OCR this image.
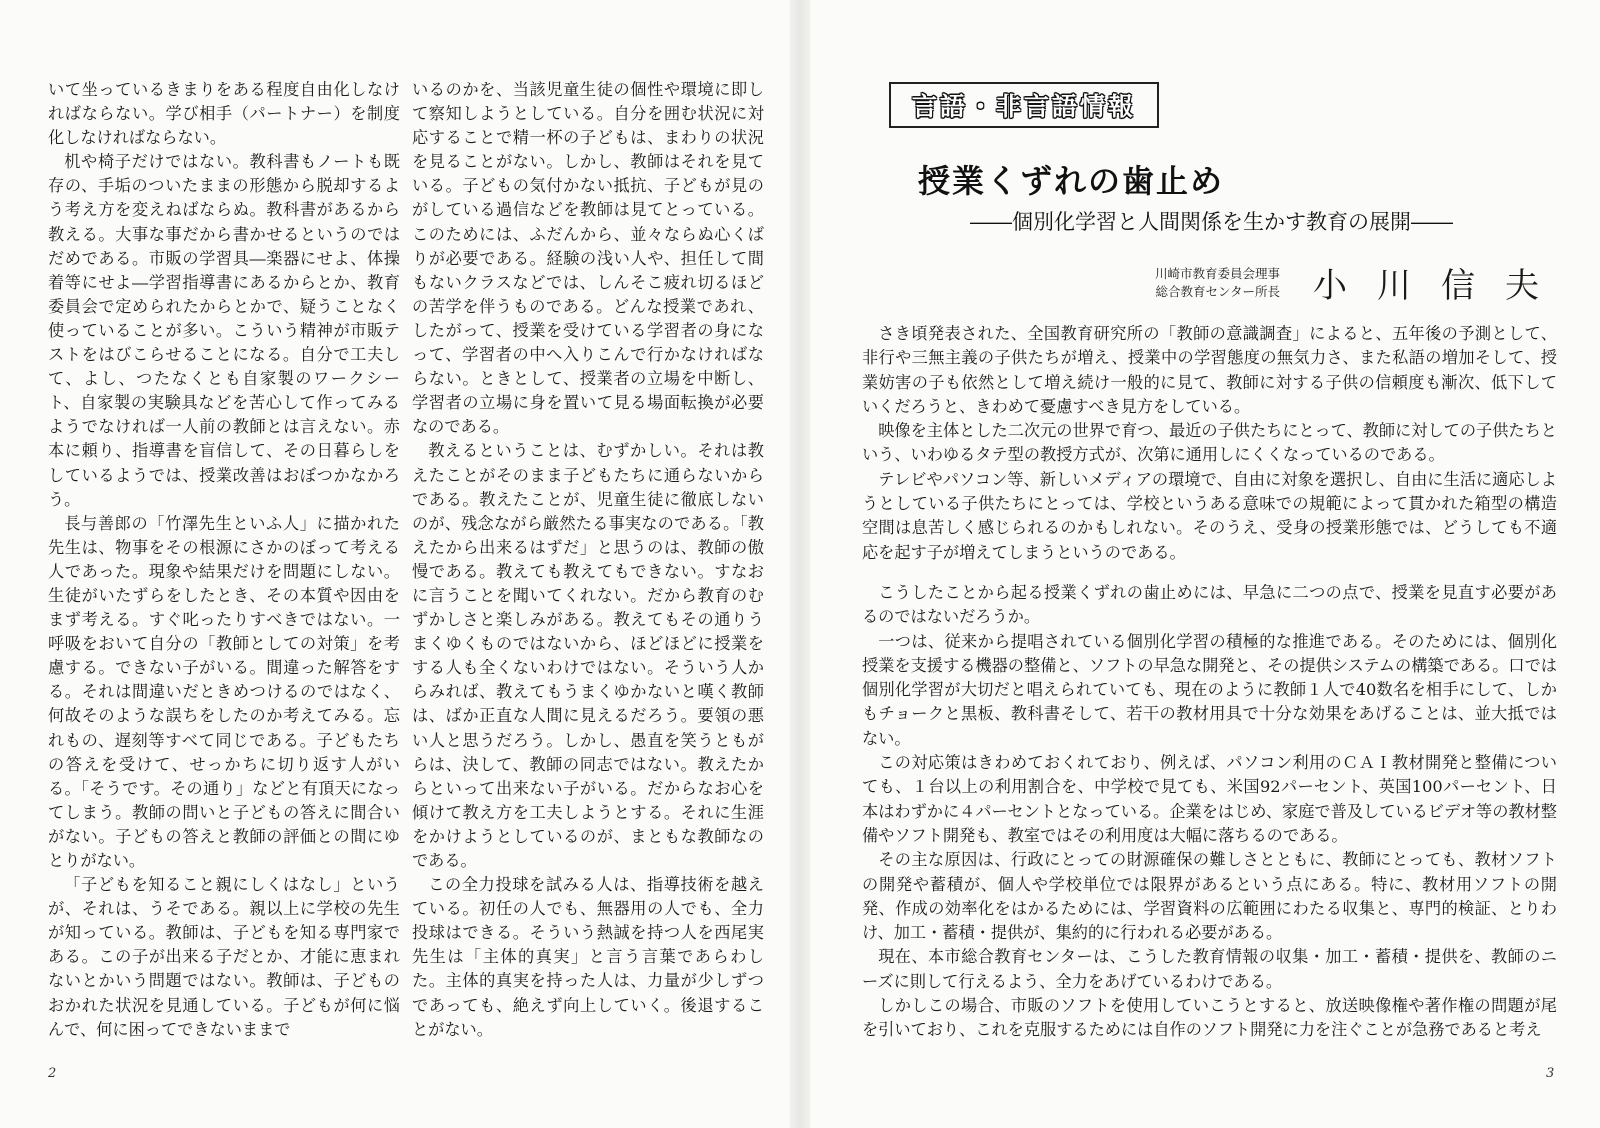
いて坐っているきまりをある程度自由化しなければならない。学び相手（パートナー）を制度化しなければならない。

机や椅子だけではない。教科書もノートも既存の、手垢のついたままの形態から脱却するよう考え方を変えねばならぬ。教科書があるから教える。大事な事だから書かせるというのではだめである。市販の学習具―楽器にせよ、体操着等にせよ―学習指導書にあるからとか、教育委員会で定められたからとかで、疑うことなく使っていることが多い。こういう精神が市販テストをはびこらせることになる。自分で工夫して、よし、つたなくとも自家製のワークシート、自家製の実験具などを苦心して作ってみるようでなければ一人前の教師とは言えない。赤本に頼り、指導書を盲信して、その日暮らしをしているようでは、授業改善はおぼつかなかろう。

長与善郎の「竹澤先生といふ人」に描かれた先生は、物事をその根源にさかのぼって考える人であった。現象や結果だけを問題にしない。生徒がいたずらをしたとき、その本質や因由をまず考える。すぐ叱ったりすべきではない。一呼吸をおいて自分の「教師としての対策」を考慮する。できない子がいる。間違った解答をする。それは間違いだときめつけるのではなく、何故そのような誤ちをしたのか考えてみる。忘れもの、遅刻等すべて同じである。子どもたちの答えを受けて、せっかちに切り返す人がいる。「そうです。その通り」などと有頂天になってしまう。教師の問いと子どもの答えに間合いがない。子どもの答えと教師の評価との間にゆとりがない。

「子どもを知ること親にしくはなし」というが、それは、うそである。親以上に学校の先生が知っている。教師は、子どもを知る専門家である。この子が出来る子だとか、才能に恵まれないとかいう問題ではない。教師は、子どものおかれた状況を見通している。子どもが何に悩んで、何に困ってできないままで

いるのかを、当該児童生徒の個性や環境に即して察知しようとしている。自分を囲む状況に対応することで精一杯の子どもは、まわりの状況を見ることがない。しかし、教師はそれを見ている。子どもの気付かない抵抗、子どもが見のがしている過信などを教師は見てとっている。このためには、ふだんから、並々ならぬ心くばりが必要である。経験の浅い人や、担任して間もないクラスなどでは、しんそこ疲れ切るほどの苦学を伴うものである。どんな授業であれ、したがって、授業を受けている学習者の身になって、学習者の中へ入りこんで行かなければならない。ときとして、授業者の立場を中断し、学習者の立場に身を置いて見る場面転換が必要なのである。

教えるということは、むずかしい。それは教えたことがそのまま子どもたちに通らないからである。教えたことが、児童生徒に徹底しないのが、残念ながら厳然たる事実なのである。「教えたから出来るはずだ」と思うのは、教師の傲慢である。教えても教えてもできない。すなおに言うことを聞いてくれない。だから教育のむずかしさと楽しみがある。教えてもその通りうまくゆくものではないから、ほどほどに授業をする人も全くないわけではない。そういう人からみれば、教えてもうまくゆかないと嘆く教師は、ばか正直な人間に見えるだろう。要領の悪い人と思うだろう。しかし、愚直を笑うともがらは、決して、教師の同志ではない。教えたからといって出来ない子がいる。だからなお心を傾けて教え方を工夫しようとする。それに生涯をかけようとしているのが、まともな教師なのである。

この全力投球を試みる人は、指導技術を越えている。初任の人でも、無器用の人でも、全力投球はできる。そういう熱誠を持つ人を西尾実先生は「主体的真実」と言う言葉であらわした。主体的真実を持った人は、力量が少しずつであっても、絶えず向上していく。後退することがない。

2
言語・非言語情報
授業くずれの歯止め
――個別化学習と人間関係を生かす教育の展開――
川崎市教育委員会理事
総合教育センター所長 小川信夫

さき頃発表された、全国教育研究所の「教師の意識調査」によると、五年後の予測として、非行や三無主義の子供たちが増え、授業中の学習態度の無気力さ、また私語の増加そして、授業妨害の子も依然として増え続け一般的に見て、教師に対する子供の信頼度も漸次、低下していくだろうと、きわめて憂慮すべき見方をしている。

映像を主体とした二次元の世界で育つ、最近の子供たちにとって、教師に対しての子供たちという、いわゆるタテ型の教授方式が、次第に通用しにくくなっているのである。

テレビやパソコン等、新しいメディアの環境で、自由に対象を選択し、自由に生活に適応しようとしている子供たちにとっては、学校というある意味での規範によって貫かれた箱型の構造空間は息苦しく感じられるのかもしれない。そのうえ、受身の授業形態では、どうしても不適応を起す子が増えてしまうというのである。

こうしたことから起る授業くずれの歯止めには、早急に二つの点で、授業を見直す必要があるのではないだろうか。

一つは、従来から提唱されている個別化学習の積極的な推進である。そのためには、個別化授業を支援する機器の整備と、ソフトの早急な開発と、その提供システムの構築である。口では個別化学習が大切だと唱えられていても、現在のように教師１人で40数名を相手にして、しかもチョークと黒板、教科書そして、若干の教材用具で十分な効果をあげることは、並大抵ではない。

この対応策はきわめておくれており、例えば、パソコン利用のＣＡＩ教材開発と整備についても、１台以上の利用割合を、中学校で見ても、米国92パーセント、英国100パーセント、日本はわずかに４パーセントとなっている。企業をはじめ、家庭で普及しているビデオ等の教材整備やソフト開発も、教室ではその利用度は大幅に落ちるのである。

その主な原因は、行政にとっての財源確保の難しさとともに、教師にとっても、教材ソフトの開発や蓄積が、個人や学校単位では限界があるという点にある。特に、教材用ソフトの開発、作成の効率化をはかるためには、学習資料の広範囲にわたる収集と、専門的検証、とりわけ、加工・蓄積・提供が、集約的に行われる必要がある。

現在、本市総合教育センターは、こうした教育情報の収集・加工・蓄積・提供を、教師のニーズに則して行えるよう、全力をあげているわけである。

しかしこの場合、市販のソフトを使用していこうとすると、放送映像権や著作権の問題が尾を引いており、これを克服するためには自作のソフト開発に力を注ぐことが急務であると考え

3
